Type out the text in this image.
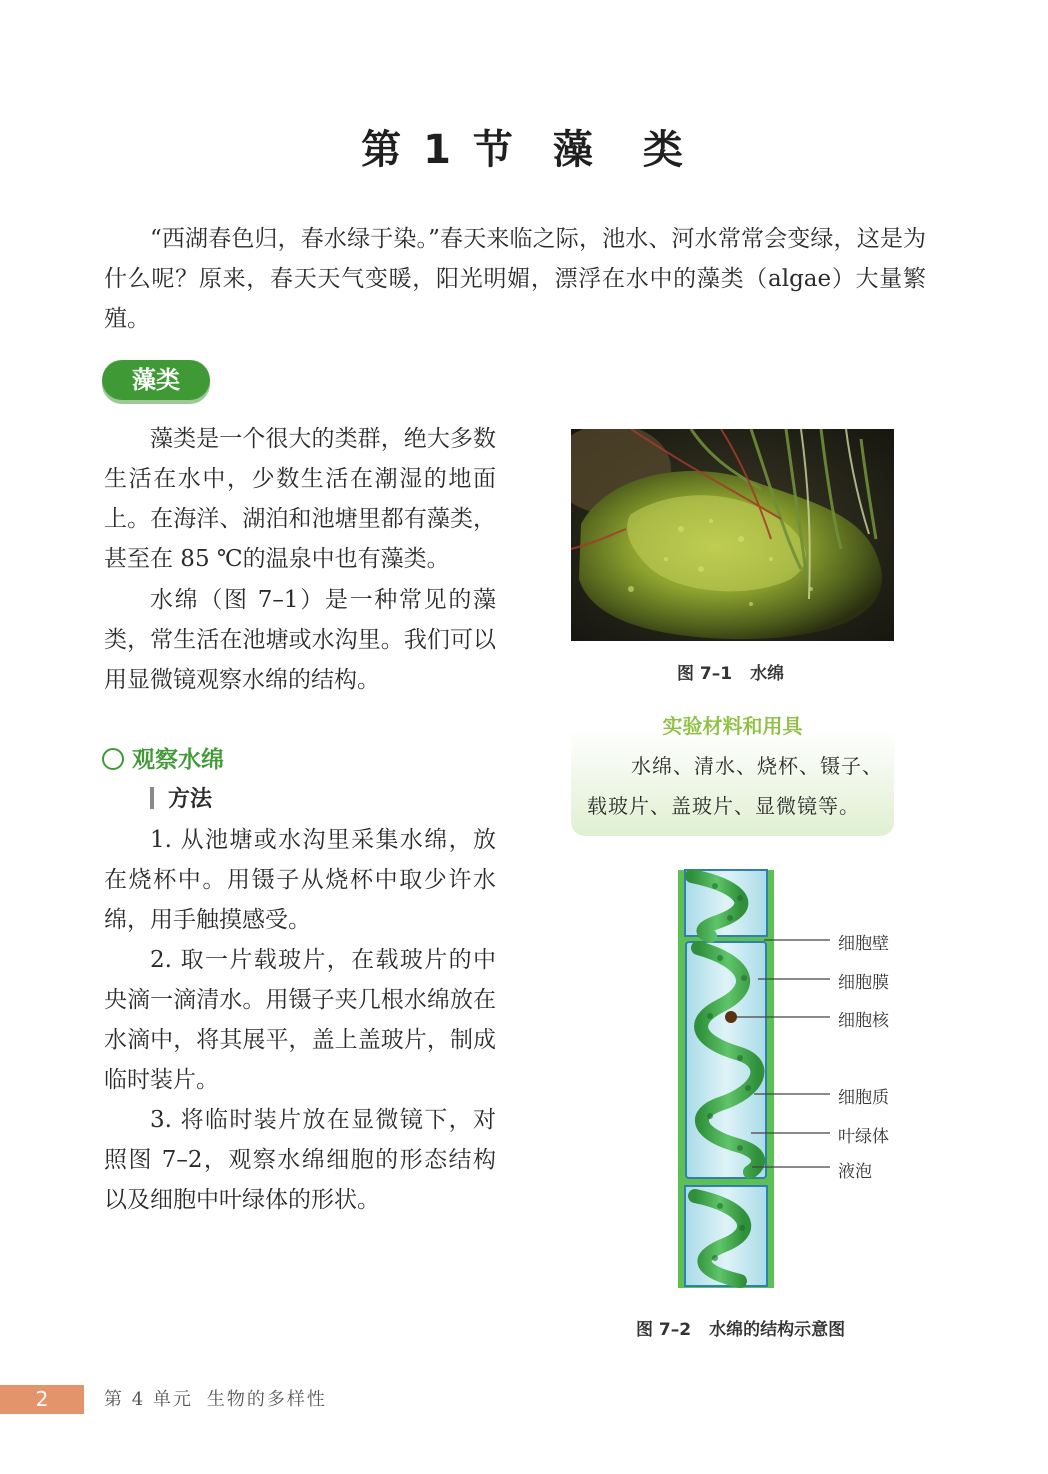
第 1 节 藻 类

“西湖春色归，春水绿于染。”春天来临之际，池水、河水常常会变绿，这是为什么呢？原来，春天天气变暖，阳光明媚，漂浮在水中的藻类（algae）大量繁殖。

藻类

藻类是一个很大的类群，绝大多数生活在水中，少数生活在潮湿的地面上。在海洋、湖泊和池塘里都有藻类，甚至在 85 ℃的温泉中也有藻类。

水绵（图 7–1）是一种常见的藻类，常生活在池塘或水沟里。我们可以用显微镜观察水绵的结构。

观察水绵
方法

1. 从池塘或水沟里采集水绵，放在烧杯中。用镊子从烧杯中取少许水绵，用手触摸感受。

2. 取一片载玻片，在载玻片的中央滴一滴清水。用镊子夹几根水绵放在水滴中，将其展平，盖上盖玻片，制成临时装片。

3. 将临时装片放在显微镜下，对照图 7–2，观察水绵细胞的形态结构以及细胞中叶绿体的形状。

图 7–1 水绵
实验材料和用具

水绵、清水、烧杯、镊子、载玻片、盖玻片、显微镜等。

细胞壁
细胞膜
细胞核
细胞质
叶绿体
液泡
图 7–2 水绵的结构示意图
2	第 4 单元 生物的多样性
